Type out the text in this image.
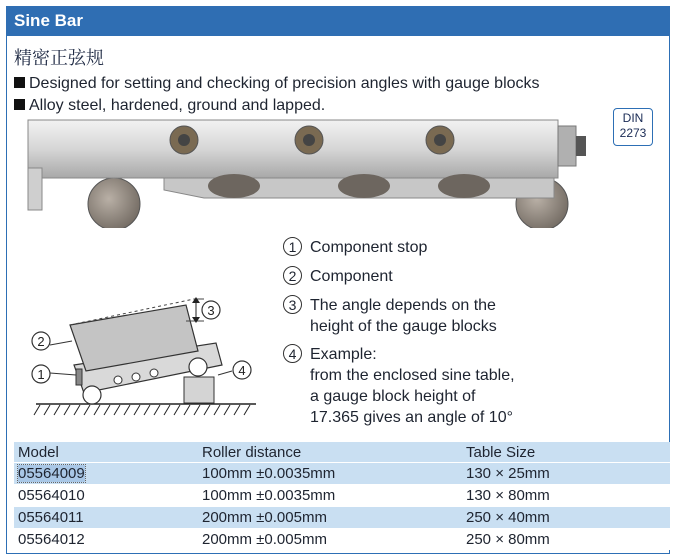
Sine Bar
精密正弦规
Designed for setting and checking of precision angles with gauge blocks
Alloy steel, hardened, ground and lapped.
DIN
2273
2
1
3
4
1 Component stop
2 Component
3 The angle depends on the
height of the gauge blocks
4 Example:
from the enclosed sine table,
a gauge block height of
17.365 gives an angle of 10°
Model	Roller distance	Table Size
05564009	100mm ±0.0035mm	130 × 25mm
05564010	100mm ±0.0035mm	130 × 80mm
05564011	200mm ±0.005mm	250 × 40mm
05564012	200mm ±0.005mm	250 × 80mm
